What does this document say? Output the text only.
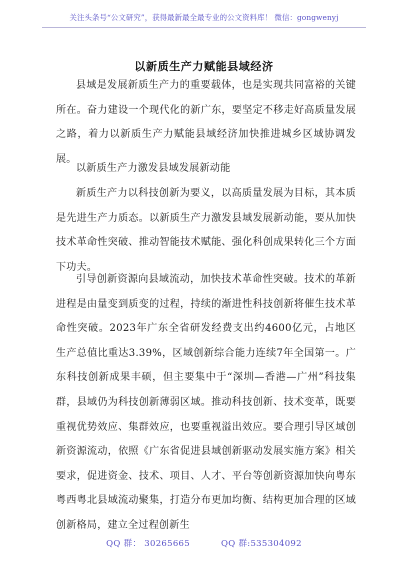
关注头条号“公文研究”，获得最新最全最专业的公文资料库！ 微信：gongwenyj
以新质生产力赋能县域经济

县域是发展新质生产力的重要载体，也是实现共同富裕的关键所在。奋力建设一个现代化的新广东，要坚定不移走好高质量发展之路，着力以新质生产力赋能县域经济加快推进城乡区域协调发展。

以新质生产力激发县域发展新动能

新质生产力以科技创新为要义，以高质量发展为目标，其本质是先进生产力质态。以新质生产力激发县域发展新动能，要从加快技术革命性突破、推动智能技术赋能、强化科创成果转化三个方面下功夫。

引导创新资源向县域流动，加快技术革命性突破。技术的革新进程是由量变到质变的过程，持续的渐进性科技创新将催生技术革命性突破。2023年广东全省研发经费支出约4600亿元，占地区生产总值比重达3.39%，区域创新综合能力连续7年全国第一。广东科技创新成果丰硕，但主要集中于“深圳—香港—广州”科技集群，县域仍为科技创新薄弱区域。推动科技创新、技术变革，既要重视优势效应、集群效应，也要重视溢出效应。要合理引导区域创新资源流动，依照《广东省促进县域创新驱动发展实施方案》相关要求，促进资金、技术、项目、人才、平台等创新资源加快向粤东粤西粤北县域流动聚集，打造分布更加均衡、结构更加合理的区域创新格局，建立全过程创新生

QQ 群： 30265665	QQ 群:535304092
